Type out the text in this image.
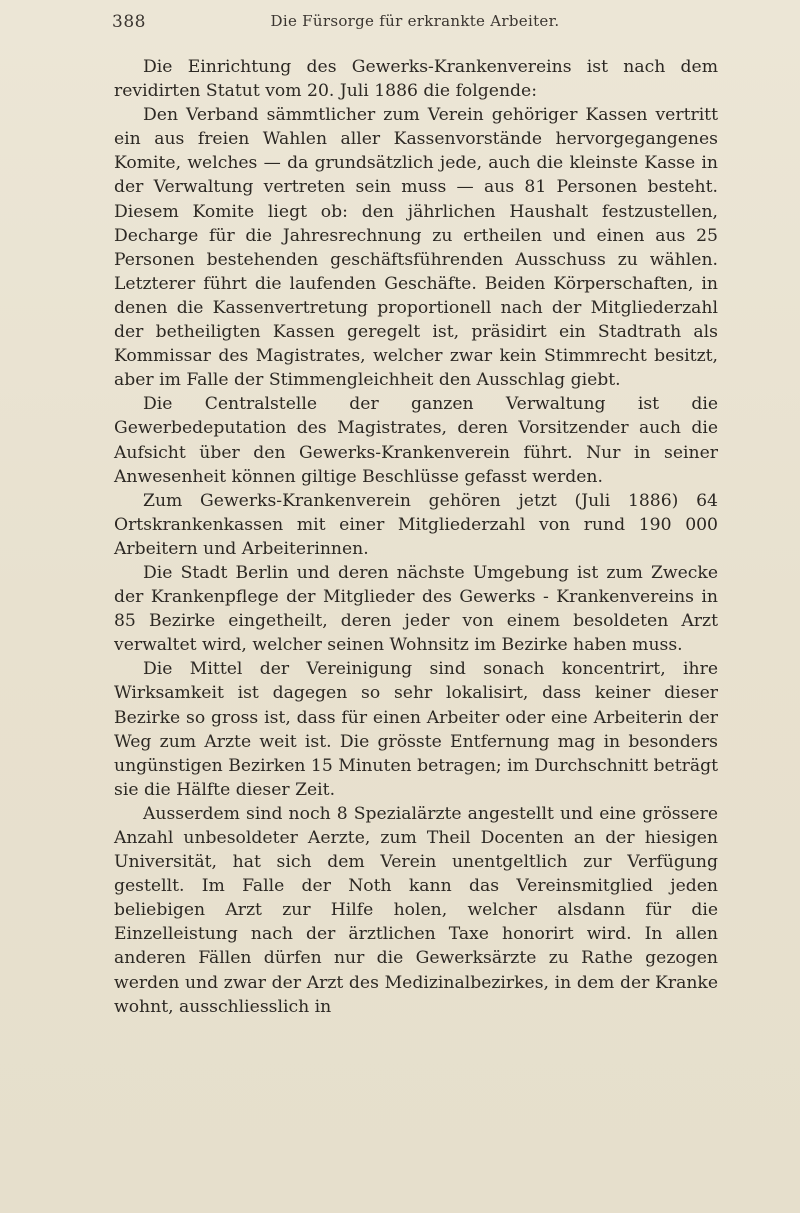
388	Die Fürsorge für erkrankte Arbeiter.

Die Einrichtung des Gewerks-Krankenvereins ist nach dem revidirten Statut vom 20. Juli 1886 die folgende:

Den Verband sämmtlicher zum Verein gehöriger Kassen vertritt ein aus freien Wahlen aller Kassenvorstände hervorgegangenes Komite, welches — da grundsätzlich jede, auch die kleinste Kasse in der Verwaltung vertreten sein muss — aus 81 Personen besteht. Diesem Komite liegt ob: den jährlichen Haushalt festzustellen, Decharge für die Jahresrechnung zu ertheilen und einen aus 25 Personen bestehenden geschäftsführenden Ausschuss zu wählen. Letzterer führt die laufenden Geschäfte. Beiden Körperschaften, in denen die Kassenvertretung proportionell nach der Mitgliederzahl der betheiligten Kassen geregelt ist, präsidirt ein Stadtrath als Kommissar des Magistrates, welcher zwar kein Stimmrecht besitzt, aber im Falle der Stimmengleichheit den Ausschlag giebt.

Die Centralstelle der ganzen Verwaltung ist die Gewerbedeputation des Magistrates, deren Vorsitzender auch die Aufsicht über den Gewerks-Krankenverein führt. Nur in seiner Anwesenheit können giltige Beschlüsse gefasst werden.

Zum Gewerks-Krankenverein gehören jetzt (Juli 1886) 64 Ortskrankenkassen mit einer Mitgliederzahl von rund 190 000 Arbeitern und Arbeiterinnen.

Die Stadt Berlin und deren nächste Umgebung ist zum Zwecke der Krankenpflege der Mitglieder des Gewerks - Krankenvereins in 85 Bezirke eingetheilt, deren jeder von einem besoldeten Arzt verwaltet wird, welcher seinen Wohnsitz im Bezirke haben muss.

Die Mittel der Vereinigung sind sonach koncentrirt, ihre Wirksamkeit ist dagegen so sehr lokalisirt, dass keiner dieser Bezirke so gross ist, dass für einen Arbeiter oder eine Arbeiterin der Weg zum Arzte weit ist. Die grösste Entfernung mag in besonders ungünstigen Bezirken 15 Minuten betragen; im Durchschnitt beträgt sie die Hälfte dieser Zeit.

Ausserdem sind noch 8 Spezialärzte angestellt und eine grössere Anzahl unbesoldeter Aerzte, zum Theil Docenten an der hiesigen Universität, hat sich dem Verein unentgeltlich zur Verfügung gestellt. Im Falle der Noth kann das Vereinsmitglied jeden beliebigen Arzt zur Hilfe holen, welcher alsdann für die Einzelleistung nach der ärztlichen Taxe honorirt wird. In allen anderen Fällen dürfen nur die Gewerksärzte zu Rathe gezogen werden und zwar der Arzt des Medizinalbezirkes, in dem der Kranke wohnt, ausschliesslich in
